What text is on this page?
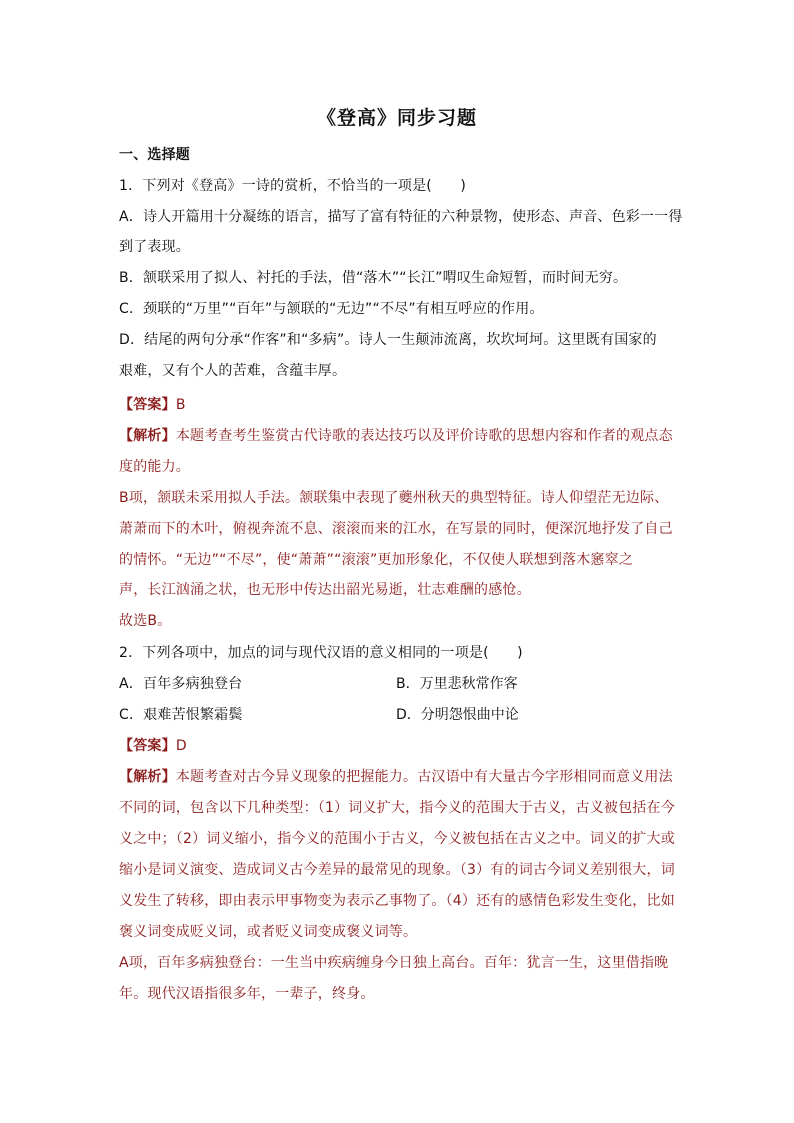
《登高》同步习题
一、选择题
1．下列对《登高》一诗的赏析，不恰当的一项是(　　)
A．诗人开篇用十分凝练的语言，描写了富有特征的六种景物，使形态、声音、色彩一一得
到了表现。
B．颔联采用了拟人、衬托的手法，借“落木”“长江”喟叹生命短暂，而时间无穷。
C．颈联的“万里”“百年”与颔联的“无边”“不尽”有相互呼应的作用。
D．结尾的两句分承“作客”和“多病”。诗人一生颠沛流离，坎坎坷坷。这里既有国家的
艰难，又有个人的苦难，含蕴丰厚。
【答案】B
【解析】本题考查考生鉴赏古代诗歌的表达技巧以及评价诗歌的思想内容和作者的观点态
度的能力。
B项，颔联未采用拟人手法。颔联集中表现了夔州秋天的典型特征。诗人仰望茫无边际、
萧萧而下的木叶，俯视奔流不息、滚滚而来的江水，在写景的同时，便深沉地抒发了自己
的情怀。“无边”“不尽”，使“萧萧”“滚滚”更加形象化，不仅使人联想到落木窸窣之
声，长江汹涌之状，也无形中传达出韶光易逝，壮志难酬的感怆。
故选B。
2．下列各项中，加点的词与现代汉语的意义相同的一项是(　　)
A．百年多病独登台	B．万里悲秋常作客
C．艰难苦恨繁霜鬓	D．分明怨恨曲中论
【答案】D
【解析】本题考查对古今异义现象的把握能力。古汉语中有大量古今字形相同而意义用法
不同的词，包含以下几种类型：（1）词义扩大，指今义的范围大于古义，古义被包括在今
义之中；（2）词义缩小，指今义的范围小于古义，今义被包括在古义之中。词义的扩大或
缩小是词义演变、造成词义古今差异的最常见的现象。（3）有的词古今词义差别很大，词
义发生了转移，即由表示甲事物变为表示乙事物了。（4）还有的感情色彩发生变化，比如
褒义词变成贬义词，或者贬义词变成褒义词等。
A项，百年多病独登台：一生当中疾病缠身今日独上高台。百年：犹言一生，这里借指晚
年。现代汉语指很多年，一辈子，终身。
